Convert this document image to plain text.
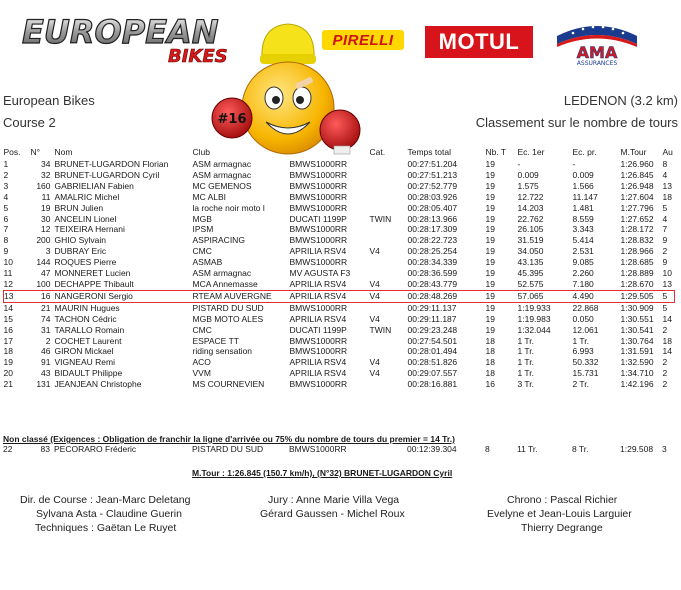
EUROPEAN
BIKES
PIRELLI MOTUL	AMA
ASSURANCES
European Bikes
Course 2
LEDENON (3.2 km)
Classement sur le nombre de tours
#16
Pos.	N°	Nom	Club		Cat.	Temps total	Nb. T	Ec. 1er	Ec. pr.	M.Tour	Au
1	34	BRUNET-LUGARDON Florian	ASM armagnac	BMWS1000RR		00:27:51.204	19	-	-	1:26.960	8
2	32	BRUNET-LUGARDON Cyril	ASM armagnac	BMWS1000RR		00:27:51.213	19	0.009	0.009	1:26.845	4
3	160	GABRIELIAN Fabien	MC GEMENOS	BMWS1000RR		00:27:52.779	19	1.575	1.566	1:26.948	13
4	11	AMALRIC Michel	MC ALBI	BMWS1000RR		00:28:03.926	19	12.722	11.147	1:27.604	18
5	19	BRUN Julien	la roche noir moto l	BMWS1000RR		00:28:05.407	19	14.203	1.481	1:27.796	5
6	30	ANCELIN Lionel	MGB	DUCATI 1199P	TWIN	00:28:13.966	19	22.762	8.559	1:27.652	4
7	12	TEIXEIRA Hernani	IPSM	BMWS1000RR		00:28:17.309	19	26.105	3.343	1:28.172	7
8	200	GHIO Sylvain	ASPIRACING	BMWS1000RR		00:28:22.723	19	31.519	5.414	1:28.832	9
9	3	DUBRAY Eric	CMC	APRILIA RSV4	V4	00:28:25.254	19	34.050	2.531	1:28.966	2
10	144	ROQUES Pierre	ASMAB	BMWS1000RR		00:28:34.339	19	43.135	9.085	1:28.685	9
11	47	MONNERET Lucien	ASM armagnac	MV AGUSTA F3		00:28:36.599	19	45.395	2.260	1:28.889	10
12	100	DECHAPPE Thibault	MCA Annemasse	APRILIA RSV4	V4	00:28:43.779	19	52.575	7.180	1:28.670	13
13	16	NANGERONI Sergio	RTEAM AUVERGNE	APRILIA RSV4	V4	00:28:48.269	19	57.065	4.490	1:29.505	5
14	21	MAURIN Hugues	PISTARD DU SUD	BMWS1000RR		00:29:11.137	19	1:19.933	22.868	1:30.909	5
15	74	TACHON Cédric	MGB MOTO ALES	APRILIA RSV4	V4	00:29:11.187	19	1:19.983	0.050	1:30.551	14
16	31	TARALLO Romain	CMC	DUCATI 1199P	TWIN	00:29:23.248	19	1:32.044	12.061	1:30.541	2
17	2	COCHET Laurent	ESPACE TT	BMWS1000RR		00:27:54.501	18	1 Tr.	1 Tr.	1:30.764	18
18	46	GIRON Mickael	riding sensation	BMWS1000RR		00:28:01.494	18	1 Tr.	6.993	1:31.591	14
19	91	VIGNEAU Remi	ACO	APRILIA RSV4	V4	00:28:51.826	18	1 Tr.	50.332	1:32.590	2
20	43	BIDAULT Philippe	VVM	APRILIA RSV4	V4	00:29:07.557	18	1 Tr.	15.731	1:34.710	2
21	131	JEANJEAN Christophe	MS COURNEVIEN	BMWS1000RR		00:28:16.881	16	3 Tr.	2 Tr.	1:42.196	2
Non classé (Exigences : Obligation de franchir la ligne d'arrivée ou 75% du nombre de tours du premier = 14 Tr.)
22	83	PECORARO Fréderic	PISTARD DU SUD	BMWS1000RR		00:12:39.304	8	11 Tr.	8 Tr.	1:29.508	3
M.Tour : 1:26.845 (150.7 km/h), (N°32) BRUNET-LUGARDON Cyril
Dir. de Course : Jean-Marc Deletang
Sylvana Asta - Claudine Guerin
Techniques : Gaëtan Le Ruyet
Jury : Anne Marie Villa Vega
Gérard Gaussen - Michel Roux
Chrono : Pascal Richier
Evelyne et Jean-Louis Larguier
Thierry Degrange
